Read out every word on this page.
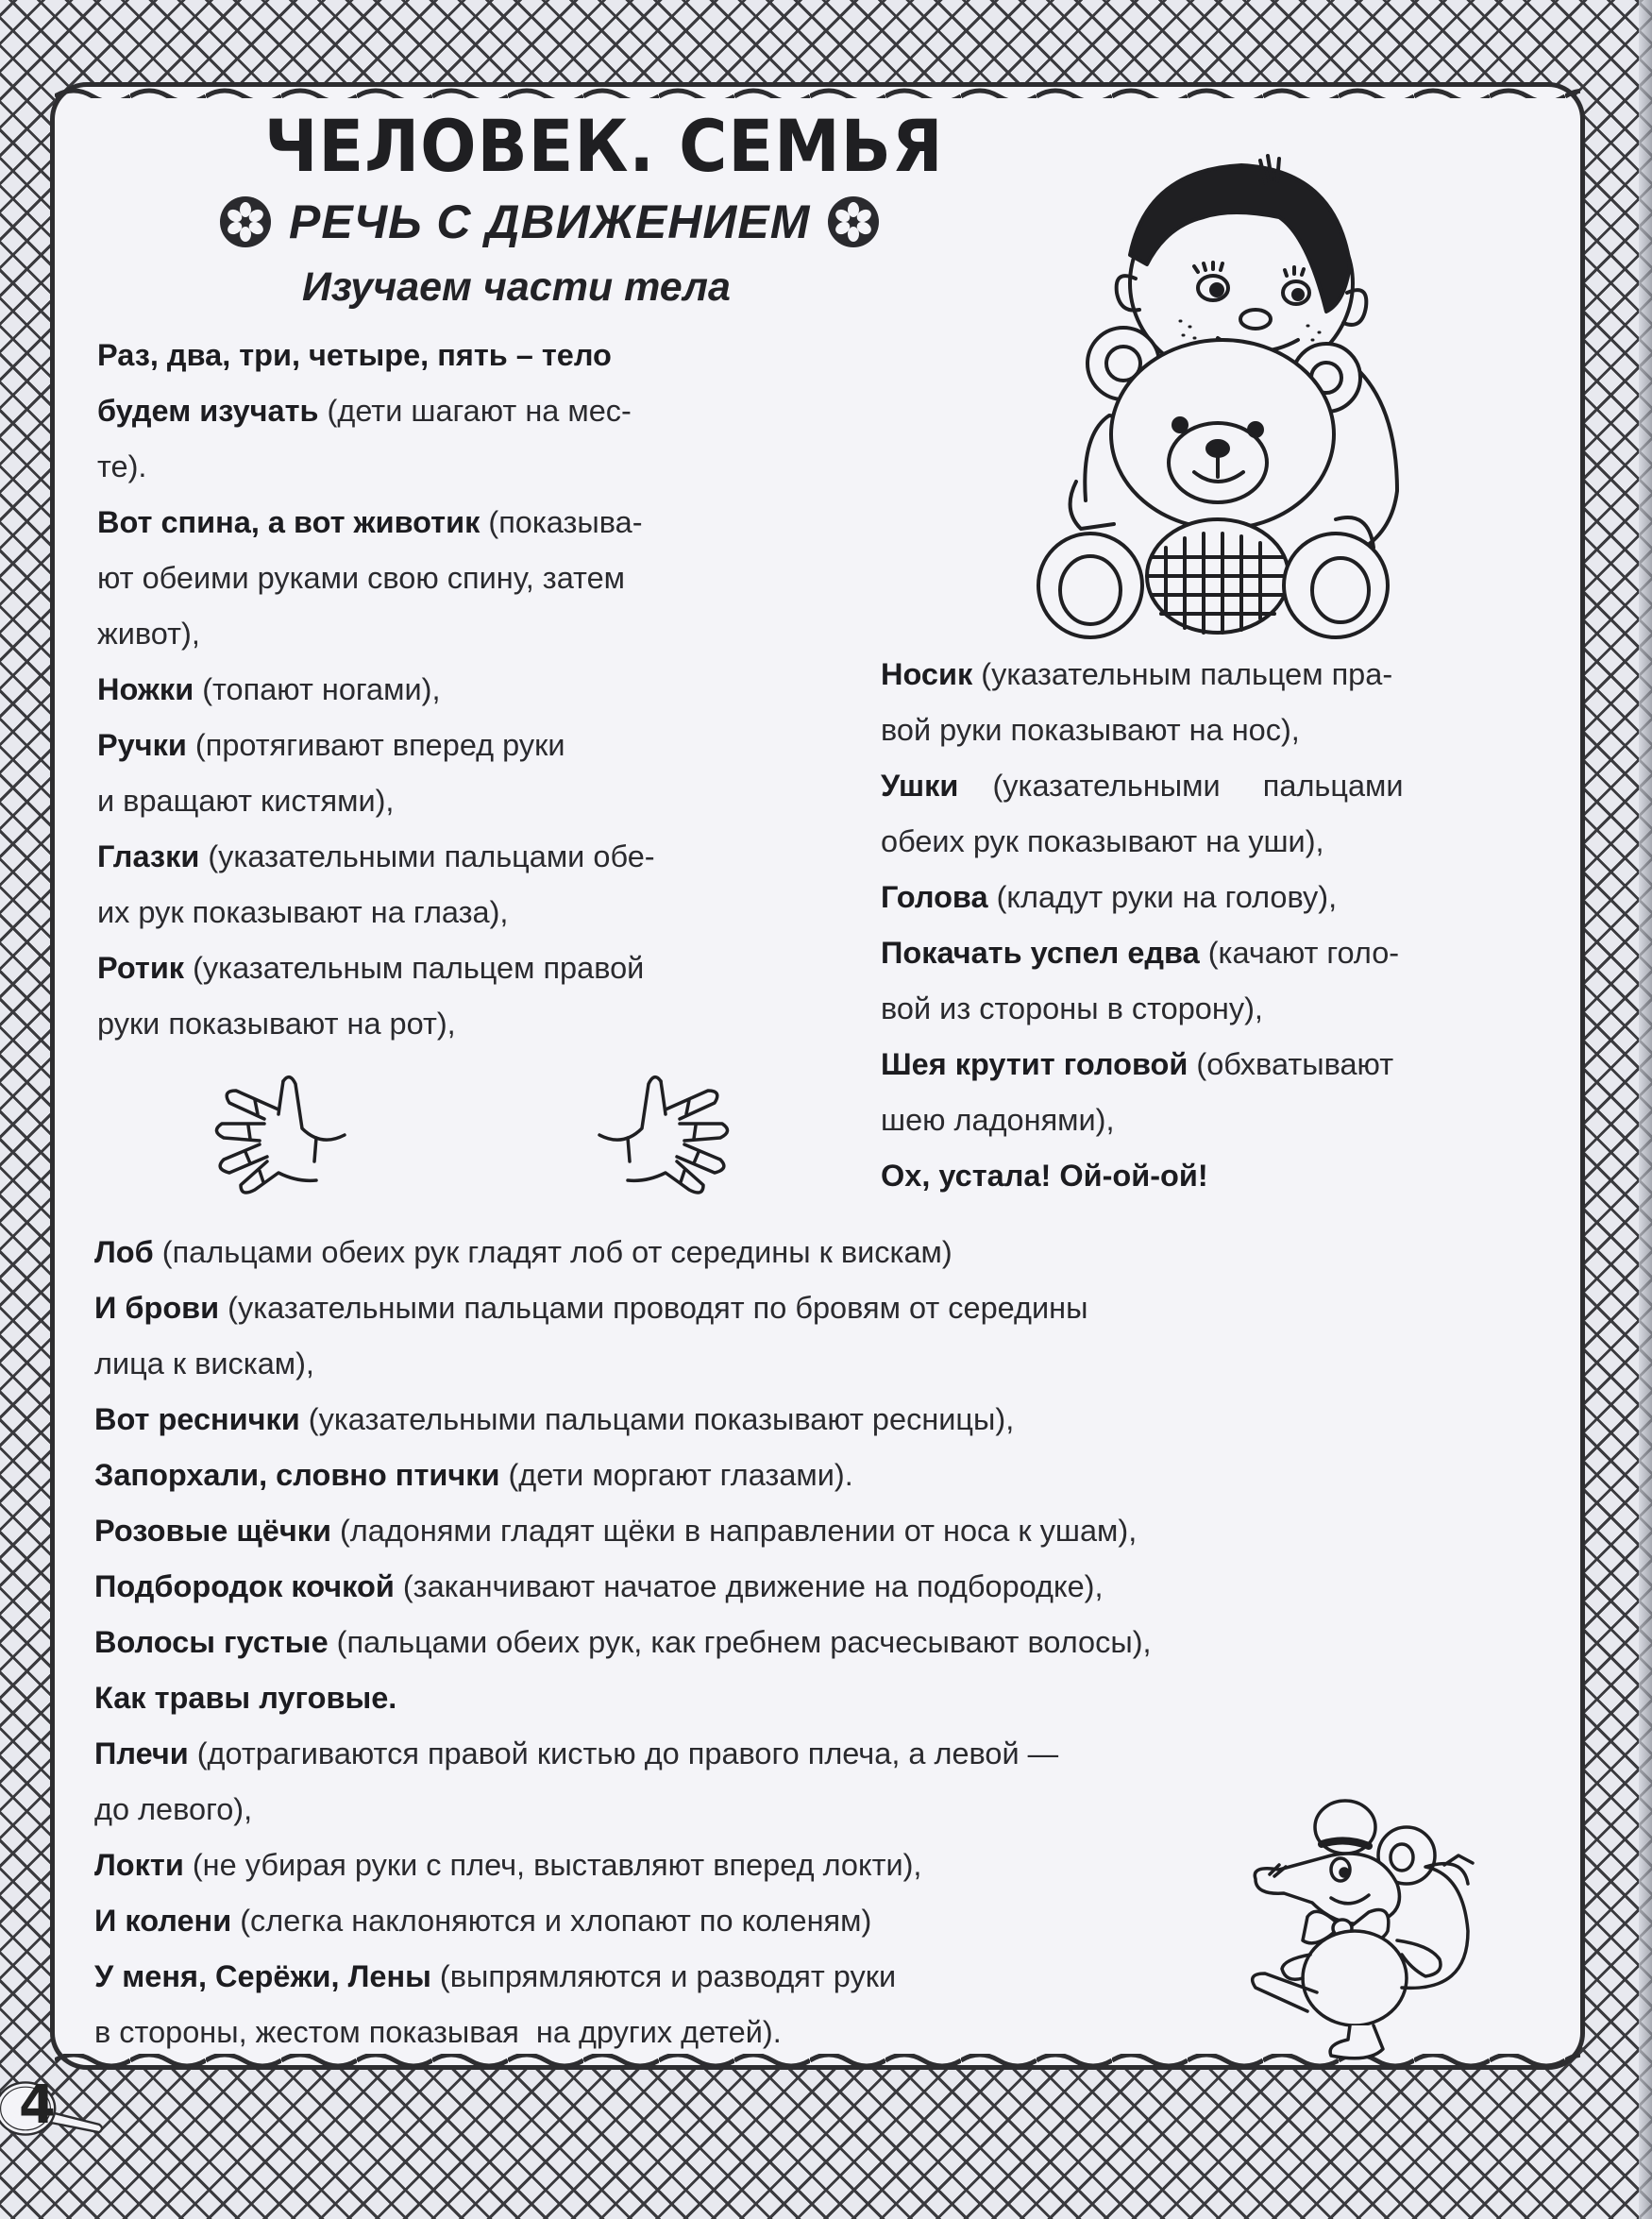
ЧЕЛОВЕК. СЕМЬЯ
РЕЧЬ С ДВИЖЕНИЕМ
Изучаем части тела
Раз, два, три, четыре, пять – тело
будем изучать (дети шагают на мес-
те).
Вот спина, а вот животик (показыва-
ют обеими руками свою спину, затем
живот),
Ножки (топают ногами),
Ручки (протягивают вперед руки
и вращают кистями),
Глазки (указательными пальцами обе-
их рук показывают на глаза),
Ротик (указательным пальцем правой
руки показывают на рот),
Носик (указательным пальцем пра-
вой руки показывают на нос),
Ушки    (указательными     пальцами
обеих рук показывают на уши),
Голова (кладут руки на голову),
Покачать успел едва (качают голо-
вой из стороны в сторону),
Шея крутит головой (обхватывают
шею ладонями),
Ох, устала! Ой-ой-ой!
Лоб (пальцами обеих рук гладят лоб от середины к вискам)
И брови (указательными пальцами проводят по бровям от середины
лица к вискам),
Вот реснички (указательными пальцами показывают ресницы),
Запорхали, словно птички (дети моргают глазами).
Розовые щёчки (ладонями гладят щёки в направлении от носа к ушам),
Подбородок кочкой (заканчивают начатое движение на подбородке),
Волосы густые (пальцами обеих рук, как гребнем расчесывают волосы),
Как травы луговые.
Плечи (дотрагиваются правой кистью до правого плеча, а левой —
до левого),
Локти (не убирая руки с плеч, выставляют вперед локти),
И колени (слегка наклоняются и хлопают по коленям)
У меня, Серёжи, Лены (выпрямляются и разводят руки
в стороны, жестом показывая  на других детей).
4
